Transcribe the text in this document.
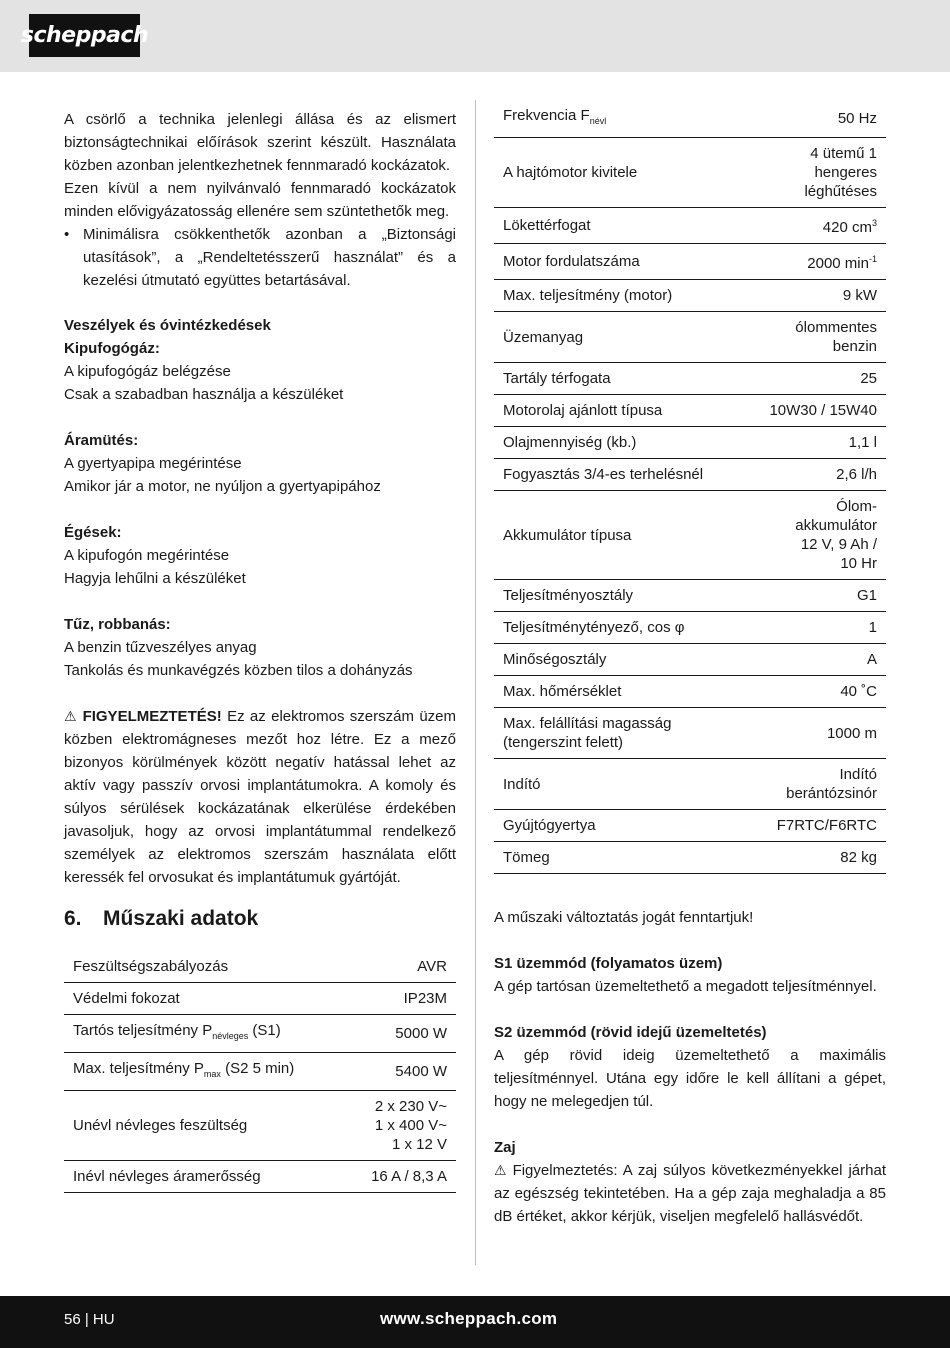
scheppach

A csörlő a technika jelenlegi állása és az elismert biztonságtechnikai előírások szerint készült. Használata közben azonban jelentkezhetnek fennmaradó kockázatok.

Ezen kívül a nem nyilvánvaló fennmaradó kockázatok minden elővigyázatosság ellenére sem szüntethetők meg.

• Minimálisra csökkenthetők azonban a „Biztonsági utasítások”, a „Rendeltetésszerű használat” és a kezelési útmutató együttes betartásával.

Veszélyek és óvintézkedések

Kipufogógáz:

A kipufogógáz belégzése

Csak a szabadban használja a készüléket

Áramütés:

A gyertyapipa megérintése

Amikor jár a motor, ne nyúljon a gyertyapipához

Égések:

A kipufogón megérintése

Hagyja lehűlni a készüléket

Tűz, robbanás:

A benzin tűzveszélyes anyag

Tankolás és munkavégzés közben tilos a dohányzás

⚠ FIGYELMEZTETÉS! Ez az elektromos szerszám üzem közben elektromágneses mezőt hoz létre. Ez a mező bizonyos körülmények között negatív hatással lehet az aktív vagy passzív orvosi implantátumokra. A komoly és súlyos sérülések kockázatának elkerülése érdekében javasoljuk, hogy az orvosi implantátummal rendelkező személyek az elektromos szerszám használata előtt keressék fel orvosukat és implantátumuk gyártóját.

6.	Műszaki adatok
Feszültségszabályozás	AVR
Védelmi fokozat	IP23M
Tartós teljesítmény $P_{névleges}$ (S1)	5000 W
Max. teljesítmény $P_{max}$ (S2 5 min)	5400 W
Unévl névleges feszültség	2 x 230 V~
1 x 400 V~
1 x 12 V

Inévl névleges áramerősség	16 A / 8,3 A
Frekvencia $F_{névl}$	50 Hz
A hajtómotor kivitele	4 ütemű 1
hengeres
léghűtéses

Lökettérfogat	420 $cm^3$
Motor fordulatszáma	2000 $\min^{-1}$
Max. teljesítmény (motor)	9 kW
Üzemanyag	ólommentes
benzin

Tartály térfogata	25
Motorolaj ajánlott típusa	10W30 / 15W40
Olajmennyiség (kb.)	1,1 l
Fogyasztás 3/4-es terhelésnél	2,6 l/h
Akkumulátor típusa	Ólom-
akkumulátor
12 V, 9 Ah /
10 Hr

Teljesítményosztály	G1
Teljesítménytényező, cos φ	1
Minőségosztály	A
Max. hőmérséklet	40 ˚C

Max. felállítási magasság
(tengerszint felett)	1000 m
Indító	Indító
berántózsinór

Gyújtógyertya	F7RTC/F6RTC
Tömeg	82 kg

A műszaki változtatás jogát fenntartjuk!

S1 üzemmód (folyamatos üzem)

A gép tartósan üzemeltethető a megadott teljesítménnyel.

S2 üzemmód (rövid idejű üzemeltetés)

A gép rövid ideig üzemeltethető a maximális teljesítménnyel. Utána egy időre le kell állítani a gépet, hogy ne melegedjen túl.

Zaj

⚠ Figyelmeztetés: A zaj súlyos következményekkel járhat az egészség tekintetében. Ha a gép zaja meghaladja a 85 dB értéket, akkor kérjük, viseljen megfelelő hallásvédőt.

56 | HU	www.scheppach.com
